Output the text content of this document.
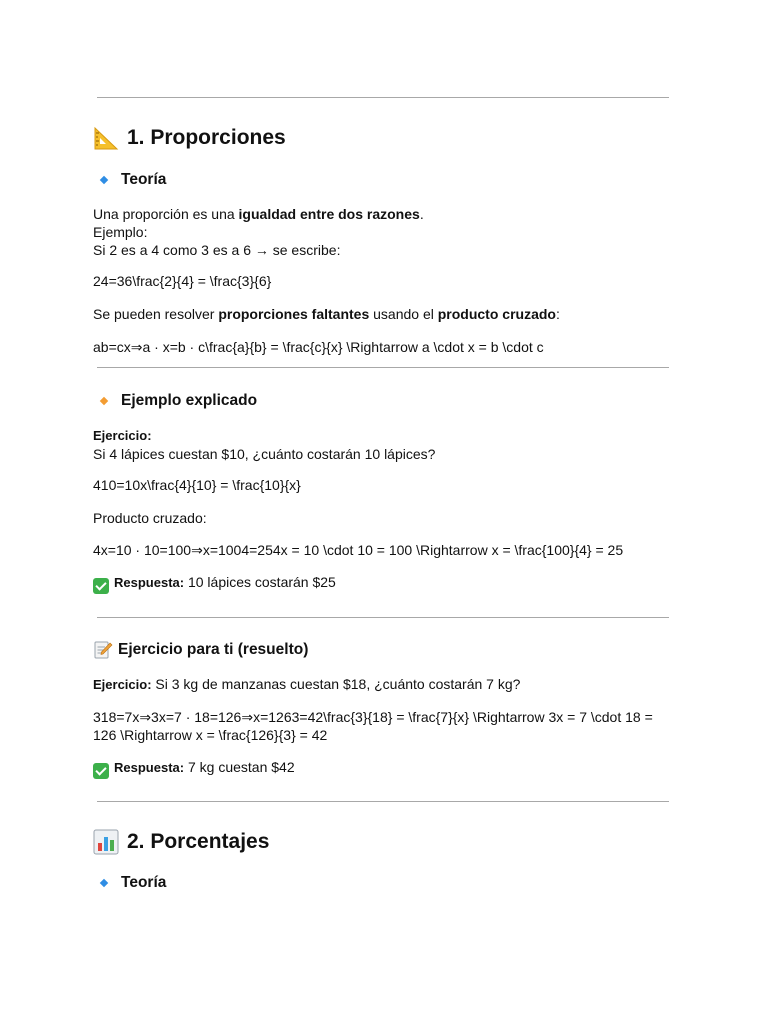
1. Proporciones
Teoría

Una proporción es una igualdad entre dos razones.

Ejemplo:

Si 2 es a 4 como 3 es a 6 → se escribe:

24=36\frac{2}{4} = \frac{3}{6}

Se pueden resolver proporciones faltantes usando el producto cruzado:

ab=cx⇒a · x=b · c\frac{a}{b} = \frac{c}{x} \Rightarrow a \cdot x = b \cdot c

Ejemplo explicado

Ejercicio:

Si 4 lápices cuestan $10, ¿cuánto costarán 10 lápices?

410=10x\frac{4}{10} = \frac{10}{x}

Producto cruzado:

4x=10 · 10=100⇒x=1004=254x = 10 \cdot 10 = 100 \Rightarrow x = \frac{100}{4} = 25

Respuesta: 10 lápices costarán $25

Ejercicio para ti (resuelto)

Ejercicio: Si 3 kg de manzanas cuestan $18, ¿cuánto costarán 7 kg?

318=7x⇒3x=7 · 18=126⇒x=1263=42\frac{3}{18} = \frac{7}{x} \Rightarrow 3x = 7 \cdot 18 =

126 \Rightarrow x = \frac{126}{3} = 42

Respuesta: 7 kg cuestan $42

2. Porcentajes
Teoría
